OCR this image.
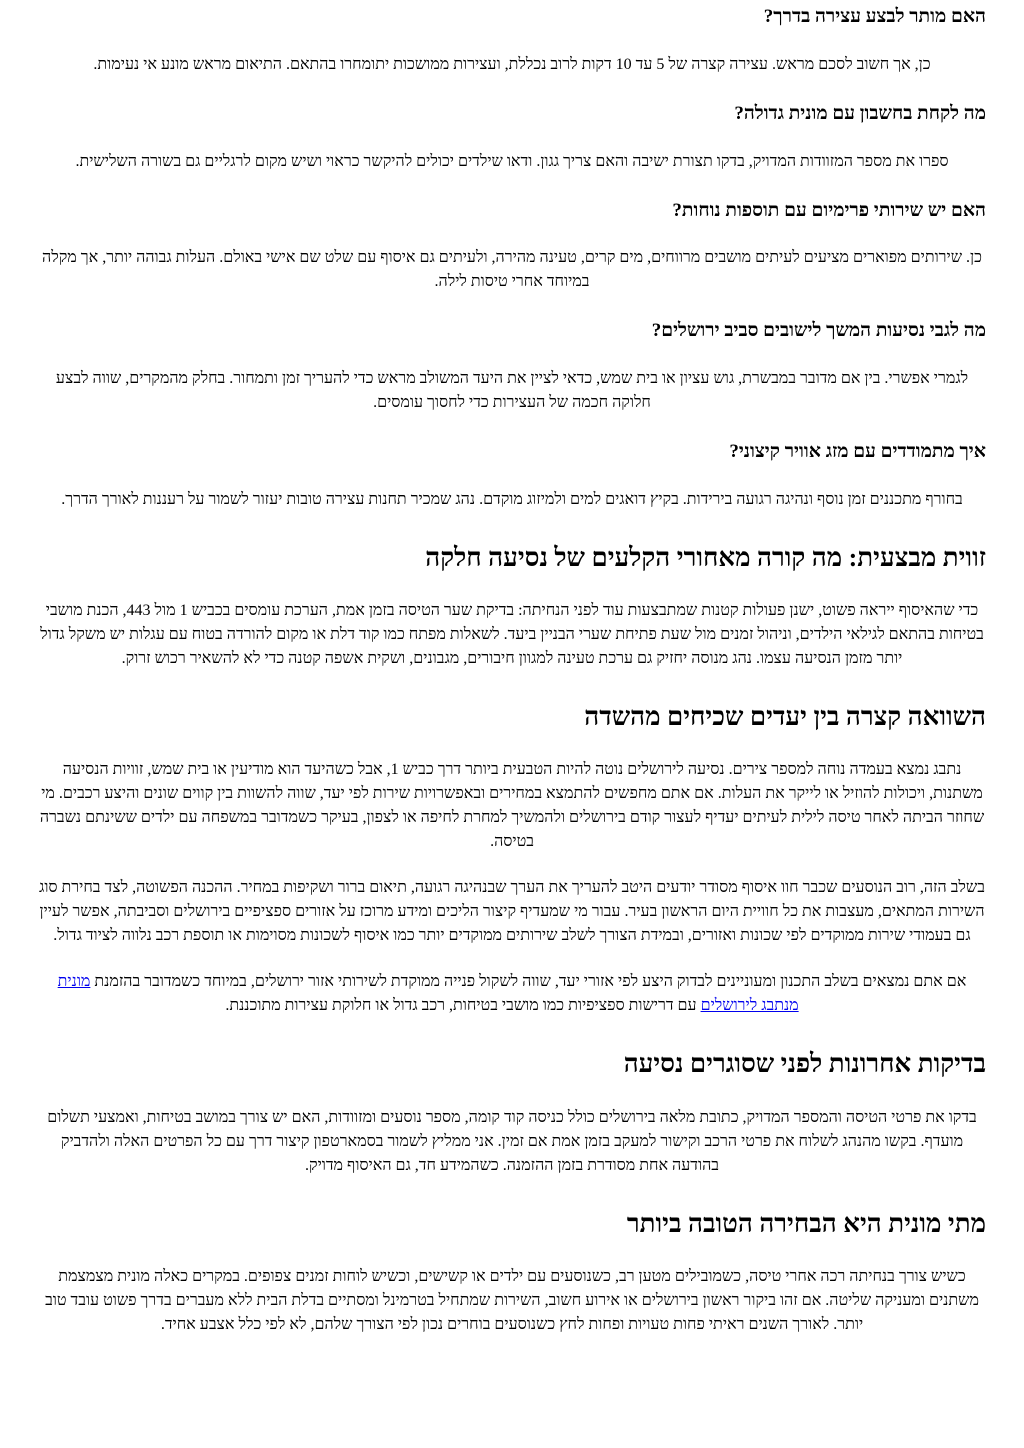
האם מותר לבצע עצירה בדרך?

כן, אך חשוב לסכם מראש. עצירה קצרה של 5 עד 10 דקות לרוב נכללת, ועצירות ממושכות יתומחרו בהתאם. התיאום מראש מונע אי נעימות.

מה לקחת בחשבון עם מונית גדולה?

ספרו את מספר המזוודות המדויק, בדקו תצורת ישיבה והאם צריך גגון. ודאו שילדים יכולים להיקשר כראוי ושיש מקום לרגליים גם בשורה השלישית.

האם יש שירותי פרימיום עם תוספות נוחות?

כן. שירותים מפוארים מציעים לעיתים מושבים מרווחים, מים קרים, טעינה מהירה, ולעיתים גם איסוף עם שלט שם אישי באולם. העלות גבוהה יותר, אך מקלה במיוחד אחרי טיסות לילה.

מה לגבי נסיעות המשך לישובים סביב ירושלים?

לגמרי אפשרי. בין אם מדובר במבשרת, גוש עציון או בית שמש, כדאי לציין את היעד המשולב מראש כדי להעריך זמן ותמחור. בחלק מהמקרים, שווה לבצע חלוקה חכמה של העצירות כדי לחסוך עומסים.

איך מתמודדים עם מזג אוויר קיצוני?

בחורף מתכננים זמן נוסף ונהיגה רגועה בירידות. בקיץ דואגים למים ולמיזוג מוקדם. נהג שמכיר תחנות עצירה טובות יעזור לשמור על רעננות לאורך הדרך.

זווית מבצעית: מה קורה מאחורי הקלעים של נסיעה חלקה

כדי שהאיסוף ייראה פשוט, ישנן פעולות קטנות שמתבצעות עוד לפני הנחיתה: בדיקת שער הטיסה בזמן אמת, הערכת עומסים בכביש 1 מול 443, הכנת מושבי בטיחות בהתאם לגילאי הילדים, וניהול זמנים מול שעת פתיחת שערי הבניין ביעד. לשאלות מפתח כמו קוד דלת או מקום להורדה בטוח עם עגלות יש משקל גדול יותר מזמן הנסיעה עצמו. נהג מנוסה יחזיק גם ערכת טעינה למגוון חיבורים, מגבונים, ושקית אשפה קטנה כדי לא להשאיר רכוש זרוק.

השוואה קצרה בין יעדים שכיחים מהשדה

נתבג נמצא בעמדה נוחה למספר צירים. נסיעה לירושלים נוטה להיות הטבעית ביותר דרך כביש 1, אבל כשהיעד הוא מודיעין או בית שמש, זוויות הנסיעה משתנות, ויכולות להוזיל או לייקר את העלות. אם אתם מחפשים להתמצא במחירים ובאפשרויות שירות לפי יעד, שווה להשוות בין קווים שונים והיצע רכבים. מי שחוזר הביתה לאחר טיסה לילית לעיתים יעדיף לעצור קודם בירושלים ולהמשיך למחרת לחיפה או לצפון, בעיקר כשמדובר במשפחה עם ילדים ששינתם נשברה בטיסה.

בשלב הזה, רוב הנוסעים שכבר חוו איסוף מסודר יודעים היטב להעריך את הערך שבנהיגה רגועה, תיאום ברור ושקיפות במחיר. ההכנה הפשוטה, לצד בחירת סוג השירות המתאים, מעצבות את כל חוויית היום הראשון בעיר. עבור מי שמעדיף קיצור הליכים ומידע מרוכז על אזורים ספציפיים בירושלים וסביבתה, אפשר לעיין גם בעמודי שירות ממוקדים לפי שכונות ואזורים, ובמידת הצורך לשלב שירותים ממוקדים יותר כמו איסוף לשכונות מסוימות או תוספת רכב נלווה לציוד גדול.

אם אתם נמצאים בשלב התכנון ומעוניינים לבדוק היצע לפי אזורי יעד, שווה לשקול פנייה ממוקדת לשירותי אזור ירושלים, במיוחד כשמדובר בהזמנת מונית מנתבג לירושלים עם דרישות ספציפיות כמו מושבי בטיחות, רכב גדול או חלוקת עצירות מתוכננת.

בדיקות אחרונות לפני שסוגרים נסיעה

בדקו את פרטי הטיסה והמספר המדויק, כתובת מלאה בירושלים כולל כניסה קוד קומה, מספר נוסעים ומזוודות, האם יש צורך במושב בטיחות, ואמצעי תשלום מועדף. בקשו מהנהג לשלוח את פרטי הרכב וקישור למעקב בזמן אמת אם זמין. אני ממליץ לשמור בסמארטפון קיצור דרך עם כל הפרטים האלה ולהדביק בהודעה אחת מסודרת בזמן ההזמנה. כשהמידע חד, גם האיסוף מדויק.

מתי מונית היא הבחירה הטובה ביותר

כשיש צורך בנחיתה רכה אחרי טיסה, כשמובילים מטען רב, כשנוסעים עם ילדים או קשישים, וכשיש לוחות זמנים צפופים. במקרים כאלה מונית מצמצמת משתנים ומעניקה שליטה. אם זהו ביקור ראשון בירושלים או אירוע חשוב, השירות שמתחיל בטרמינל ומסתיים בדלת הבית ללא מעברים בדרך פשוט עובד טוב יותר. לאורך השנים ראיתי פחות טעויות ופחות לחץ כשנוסעים בוחרים נכון לפי הצורך שלהם, לא לפי כלל אצבע אחיד.
